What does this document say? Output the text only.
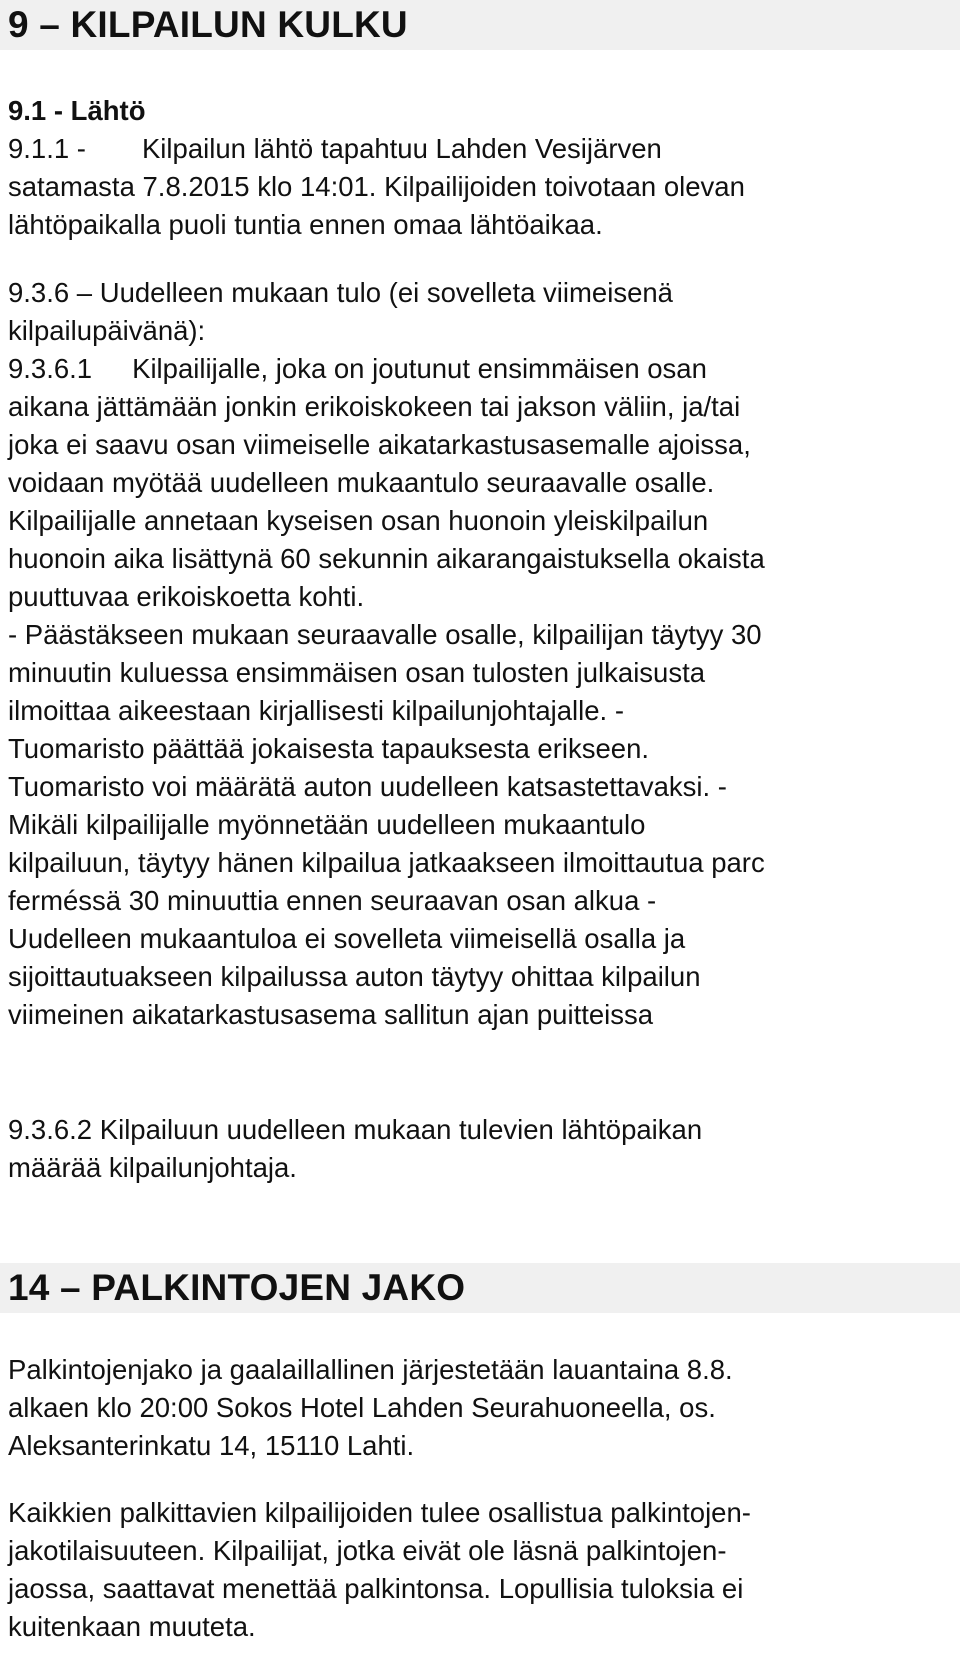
9 – KILPAILUN KULKU
9.1 - Lähtö
9.1.1 - Kilpailun lähtö tapahtuu Lahden Vesijärven
satamasta 7.8.2015 klo 14:01. Kilpailijoiden toivotaan olevan
lähtöpaikalla puoli tuntia ennen omaa lähtöaikaa.
9.3.6 – Uudelleen mukaan tulo (ei sovelleta viimeisenä
kilpailupäivänä):
9.3.6.1 Kilpailijalle, joka on joutunut ensimmäisen osan
aikana jättämään jonkin erikoiskokeen tai jakson väliin, ja/tai
joka ei saavu osan viimeiselle aikatarkastusasemalle ajoissa,
voidaan myötää uudelleen mukaantulo seuraavalle osalle.
Kilpailijalle annetaan kyseisen osan huonoin yleiskilpailun
huonoin aika lisättynä 60 sekunnin aikarangaistuksella okaista
puuttuvaa erikoiskoetta kohti.
- Päästäkseen mukaan seuraavalle osalle, kilpailijan täytyy 30
minuutin kuluessa ensimmäisen osan tulosten julkaisusta
ilmoittaa aikeestaan kirjallisesti kilpailunjohtajalle. -
Tuomaristo päättää jokaisesta tapauksesta erikseen.
Tuomaristo voi määrätä auton uudelleen katsastettavaksi. -
Mikäli kilpailijalle myönnetään uudelleen mukaantulo
kilpailuun, täytyy hänen kilpailua jatkaakseen ilmoittautua parc
ferméssä 30 minuuttia ennen seuraavan osan alkua -
Uudelleen mukaantuloa ei sovelleta viimeisellä osalla ja
sijoittautuakseen kilpailussa auton täytyy ohittaa kilpailun
viimeinen aikatarkastusasema sallitun ajan puitteissa
9.3.6.2 Kilpailuun uudelleen mukaan tulevien lähtöpaikan
määrää kilpailunjohtaja.
14 – PALKINTOJEN JAKO
Palkintojenjako ja gaalaillallinen järjestetään lauantaina 8.8.
alkaen klo 20:00 Sokos Hotel Lahden Seurahuoneella, os.
Aleksanterinkatu 14, 15110 Lahti.
Kaikkien palkittavien kilpailijoiden tulee osallistua palkintojen-
jakotilaisuuteen. Kilpailijat, jotka eivät ole läsnä palkintojen-
jaossa, saattavat menettää palkintonsa. Lopullisia tuloksia ei
kuitenkaan muuteta.
